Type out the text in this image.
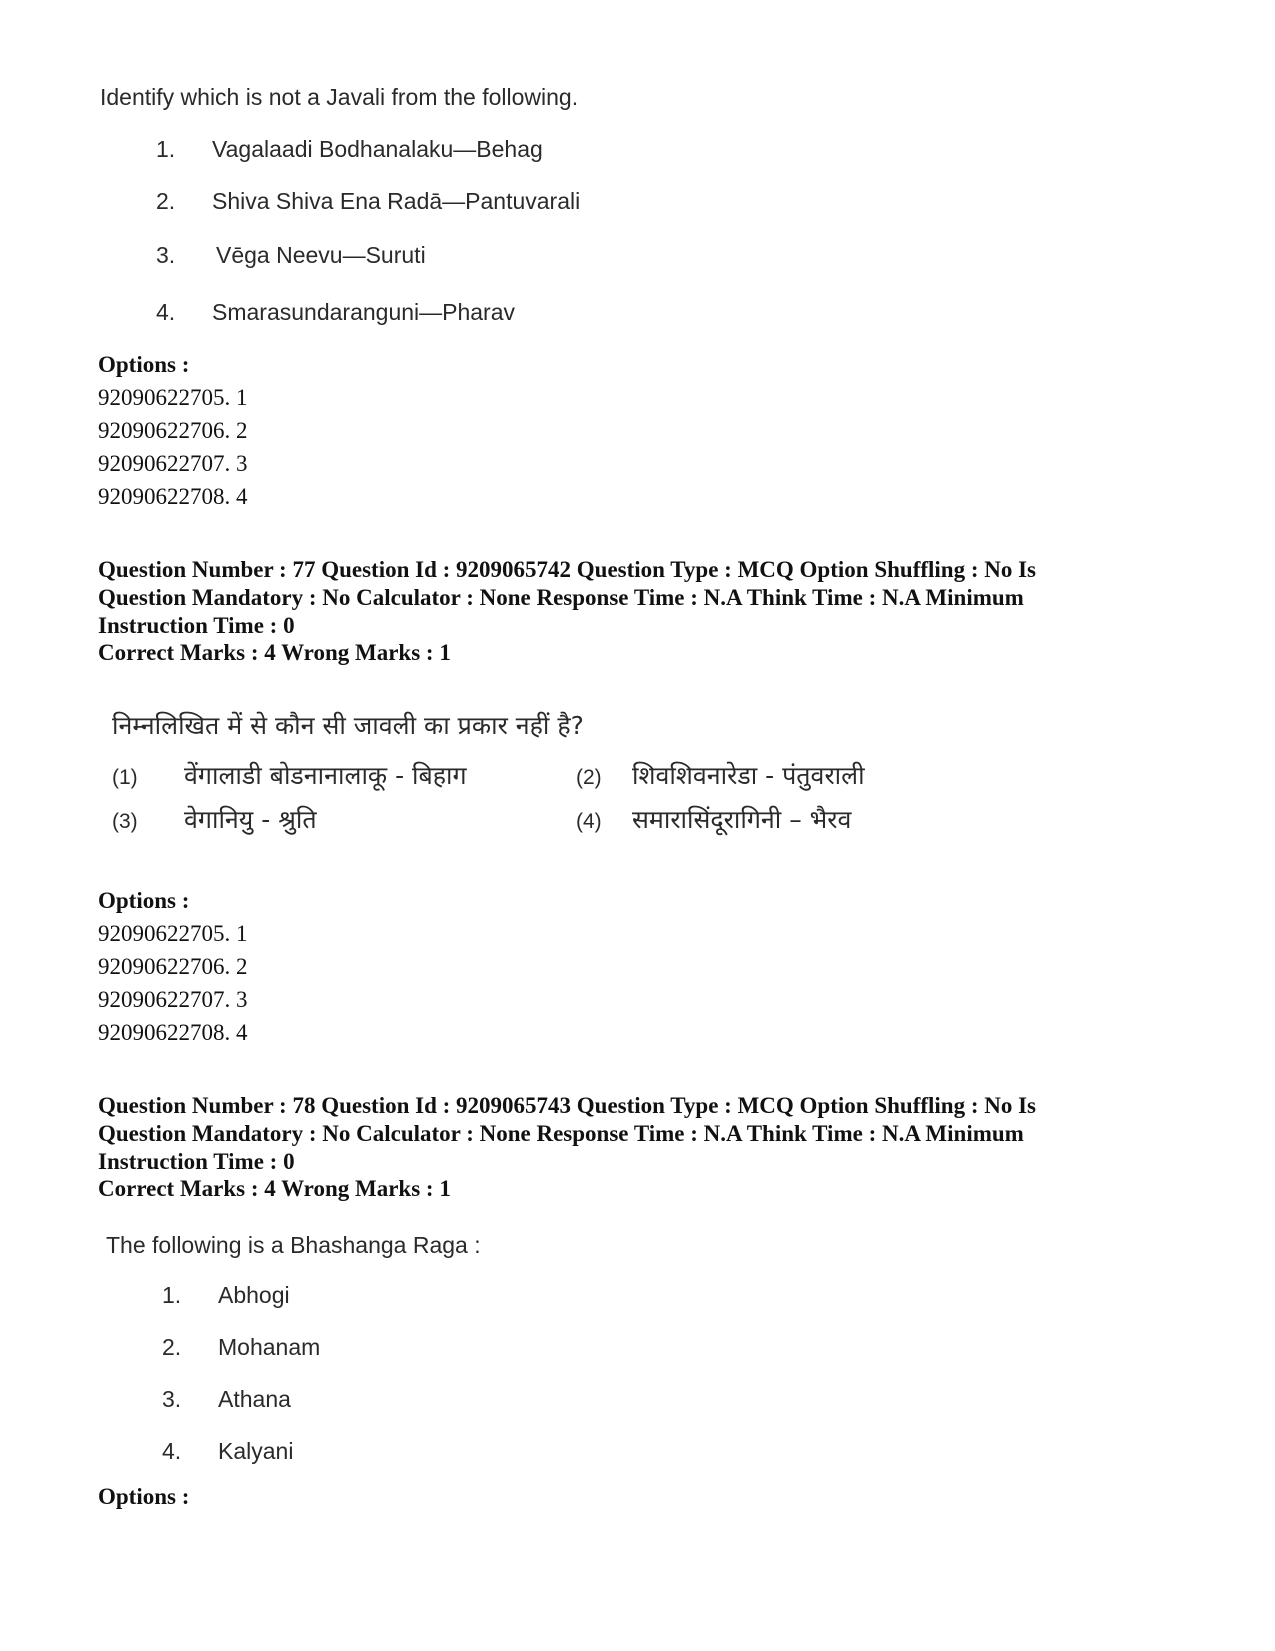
Identify which is not a Javali from the following.

1.	Vagalaadi Bodhanalaku—Behag
2.	Shiva Shiva Ena Radā—Pantuvarali
3.	Vēga Neevu—Suruti
4.	Smarasundaranguni—Pharav
Options :
92090622705. 1
92090622706. 2
92090622707. 3
92090622708. 4
Question Number : 77 Question Id : 9209065742 Question Type : MCQ Option Shuffling : No Is
Question Mandatory : No Calculator : None Response Time : N.A Think Time : N.A Minimum
Instruction Time : 0
Correct Marks : 4 Wrong Marks : 1

निम्नलिखित में से कौन सी जावली का प्रकार नहीं है?

(1) वेंगालाडी बोडनानालाकू - बिहाग	(2) शिवशिवनारेडा - पंतुवराली
(3) वेगानियु - श्रुति	(4) समारासिंदूरागिनी – भैरव
Options :
92090622705. 1
92090622706. 2
92090622707. 3
92090622708. 4
Question Number : 78 Question Id : 9209065743 Question Type : MCQ Option Shuffling : No Is
Question Mandatory : No Calculator : None Response Time : N.A Think Time : N.A Minimum
Instruction Time : 0
Correct Marks : 4 Wrong Marks : 1

The following is a Bhashanga Raga :

1.	Abhogi
2.	Mohanam
3.	Athana
4.	Kalyani
Options :
